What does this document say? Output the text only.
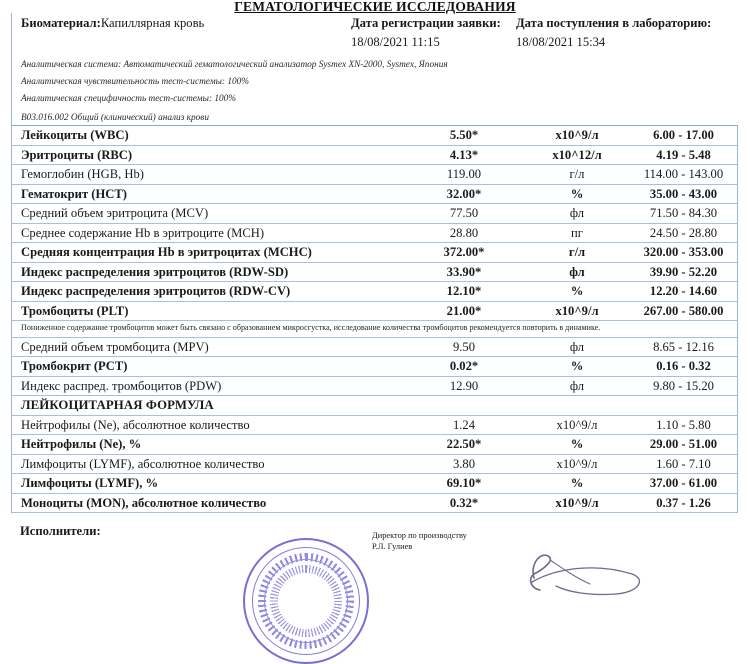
ГЕМАТОЛОГИЧЕСКИЕ ИССЛЕДОВАНИЯ
Биоматериал:Капиллярная кровь	Дата регистрации заявки:
18/08/2021 11:15
Дата поступления в лабораторию:
18/08/2021 15:34
Аналитическая система: Автоматический гематологический анализатор Sysmex XN-2000, Sysmex, Япония
Аналитическая чувствительность тест-системы: 100%
Аналитическая специфичность тест-системы: 100%
В03.016.002 Общий (клинический) анализ крови
Лейкоциты (WBC)	5.50*	x10^9/л	6.00 - 17.00
Эритроциты (RBC)	4.13*	x10^12/л	4.19 - 5.48
Гемоглобин (HGB, Hb)	119.00	г/л	114.00 - 143.00
Гематокрит (HCT)	32.00*	%	35.00 - 43.00
Средний объем эритроцита (MCV)	77.50	фл	71.50 - 84.30
Среднее содержание Hb в эритроците (MCH)	28.80	пг	24.50 - 28.80
Средняя концентрация Hb в эритроцитах (MCHC)	372.00*	г/л	320.00 - 353.00
Индекс распределения эритроцитов (RDW-SD)	33.90*	фл	39.90 - 52.20
Индекс распределения эритроцитов (RDW-CV)	12.10*	%	12.20 - 14.60
Тромбоциты (PLT)	21.00*	x10^9/л	267.00 - 580.00
Пониженное содержание тромбоцитов может быть связано с образованием микросгустка, исследование количества тромбоцитов рекомендуется повторить в динамике.
Средний объем тромбоцита (MPV)	9.50	фл	8.65 - 12.16
Тромбокрит (PCT)	0.02*	%	0.16 - 0.32
Индекс распред. тромбоцитов (PDW)	12.90	фл	9.80 - 15.20
ЛЕЙКОЦИТАРНАЯ ФОРМУЛА
Нейтрофилы (Ne), абсолютное количество	1.24	x10^9/л	1.10 - 5.80
Нейтрофилы (Ne), %	22.50*	%	29.00 - 51.00
Лимфоциты (LYMF), абсолютное количество	3.80	x10^9/л	1.60 - 7.10
Лимфоциты (LYMF), %	69.10*	%	37.00 - 61.00
Моноциты (MON), абсолютное количество	0.32*	x10^9/л	0.37 - 1.26
Исполнители:	Директор по производству
Р.Л. Гулиев
